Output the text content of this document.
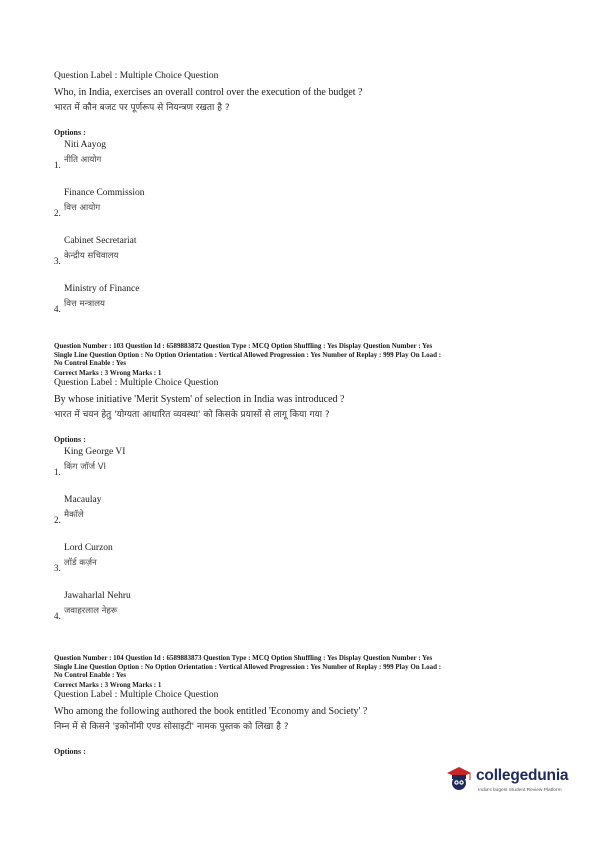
Question Label : Multiple Choice Question
Who, in India, exercises an overall control over the execution of the budget ?
भारत में कौन बजट पर पूर्णरूप से नियन्त्रण रखता है ?
Options :
Niti Aayog
नीति आयोग
1.
Finance Commission
वित्त आयोग
2.
Cabinet Secretariat
केन्द्रीय सचिवालय
3.
Ministry of Finance
वित्त मन्त्रालय
4.
Question Number : 103 Question Id : 6589883872 Question Type : MCQ Option Shuffling : Yes Display Question Number : Yes
Single Line Question Option : No Option Orientation : Vertical Allowed Progression : Yes Number of Replay : 999 Play On Load :
No Control Enable : Yes
Correct Marks : 3 Wrong Marks : 1
Question Label : Multiple Choice Question
By whose initiative 'Merit System' of selection in India was introduced ?
भारत में चयन हेतु 'योग्यता आधारित व्यवस्था' को किसके प्रयासों से लागू किया गया ?
Options :
King George VI
किंग जॉर्ज VI
1.
Macaulay
मैकॉले
2.
Lord Curzon
लॉर्ड कर्ज़न
3.
Jawaharlal Nehru
जवाहरलाल नेहरू
4.
Question Number : 104 Question Id : 6589883873 Question Type : MCQ Option Shuffling : Yes Display Question Number : Yes
Single Line Question Option : No Option Orientation : Vertical Allowed Progression : Yes Number of Replay : 999 Play On Load :
No Control Enable : Yes
Correct Marks : 3 Wrong Marks : 1
Question Label : Multiple Choice Question
Who among the following authored the book entitled 'Economy and Society' ?
निम्न में से किसने 'इकोनॉमी एण्ड सोसाइटी' नामक पुस्तक को लिखा है ?
Options :
collegedunia
India's largest Student Review Platform
